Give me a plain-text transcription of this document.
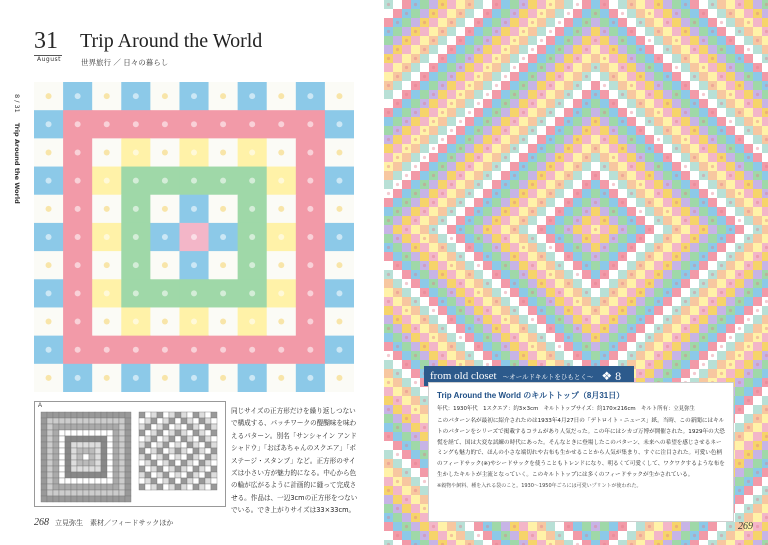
31
August
Trip Around the World
世界旅行 ／ 日々の暮らし
8 / 31  Trip Around the World
A
同じサイズの正方形だけを繰り返しつないで構成する、パッチワークの醍醐味を味わえるパターン。別名「サンシャイン アンド シャドウ」「おばあちゃんのスクエア」「ポステージ・スタンプ」など。正方形のサイズは小さい方が魅力的になる。中心から色の輪が広がるように計画的に縫って完成させる。作品は、一辺3cmの正方形をつないでいる。でき上がりサイズは33×33cm。
268 立見弥生　素材／フィードサックほか
from old closet ～オールドキルトをひもとく～ ❖ 8
Trip Around the World のキルトトップ（8月31日）
年代：1930年代　1スクエア：約3×3cm　キルトトップサイズ：約170×216cm　キルト所有：立見弥生

このパターン名が最初に紹介されたのは1933年4月27日の「デトロイト・ニュース」紙。当時、この新聞にはキルトのパターンをシリーズで掲載するコラムがあり人気だった。この年にはシカゴ万博が開催された。1929年の大恐慌を経て、国は大変な試練の時代にあった。そんなときに登場したこのパターン、未来への希望を感じさせるネーミングも魅力的で、ほんの小さな端切れや古布も生かせることから人気が集まり、すぐに注目された。可愛い色柄のフィードサック(※)やシードサックを使うこともトレンドになり、明るくて可愛くして、ワクワクするような布を生かしたキルトが主流となっていく。このキルトトップには多くのフィードサックが生かされている。

※穀物や飼料、種を入れる袋のこと。1930～1950年ごろには可愛いプリントが使われた。
269
